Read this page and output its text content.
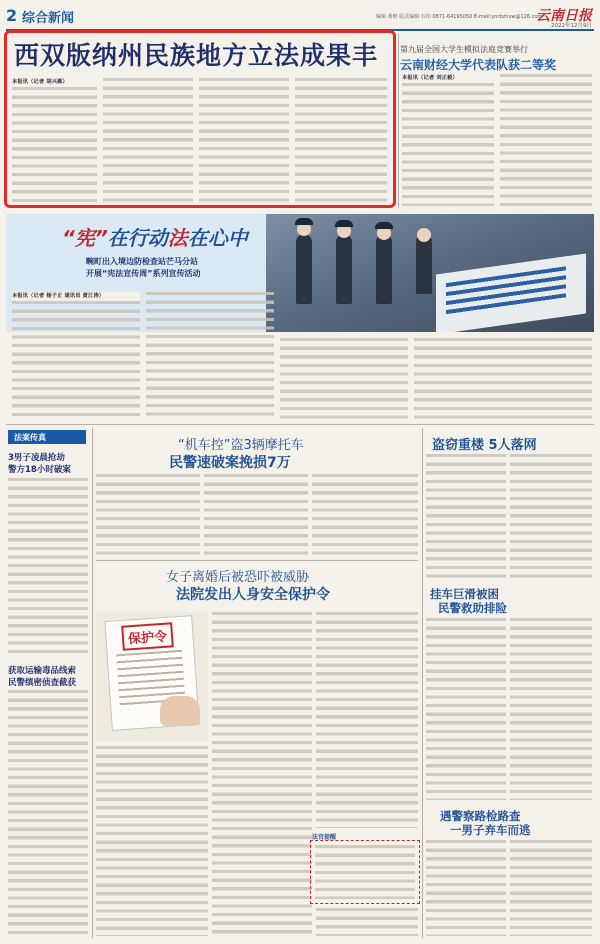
2 综合新闻	编辑 黄维 版式编辑 石玮 0871-64195050 E-mail:ynrbzhxw@126.com
云南日报
2022年12月9日
西双版纳州民族地方立法成果丰
本报讯（记者 胡兴雁）
第九届全国大学生模拟法庭竞赛举行
云南财经大学代表队获二等奖
本报讯（记者 刘正毅）
“宪”在行动法在心中
畹町出入境边防检查站芒马分站
开展“宪法宣传周”系列宣传活动
本报讯（记者 杨子正 通讯员 黄江涛）
法案传真
3男子凌晨抢劫
警方18小时破案
获取运输毒品线索
民警缜密侦查截获
“机车控”盗3辆摩托车
民警速破案挽损7万
女子离婚后被恐吓被威胁
法院发出人身安全保护令
保护令
法官提醒
盗窃重楼 5人落网
挂车巨滑被困
民警救助排险
遇警察路检路查
一男子弃车而逃
